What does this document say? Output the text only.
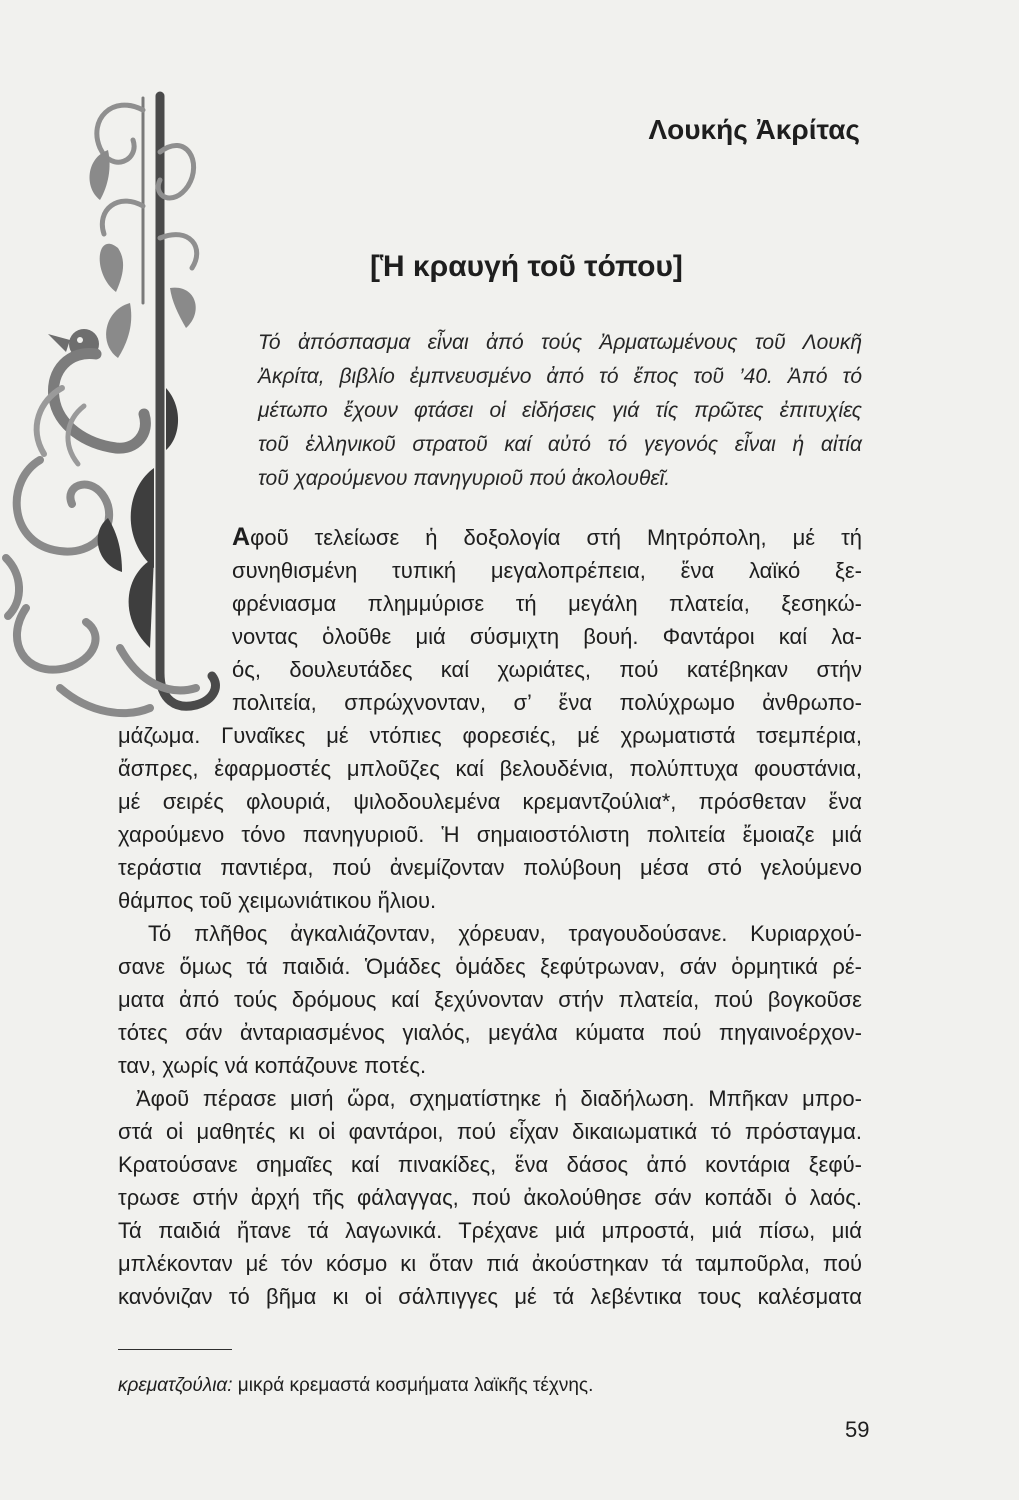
Λουκής Ἀκρίτας
[Ἡ κραυγή τοῦ τόπου]
Τό ἀπόσπασμα εἶναι ἀπό τούς Ἀρματωμένους τοῦ Λουκῆ
Ἀκρίτα, βιβλίο ἐμπνευσμένο ἀπό τό ἔπος τοῦ ’40. Ἀπό τό
μέτωπο ἔχουν φτάσει οἱ εἰδήσεις γιά τίς πρῶτες ἐπιτυχίες
τοῦ ἑλληνικοῦ στρατοῦ καί αὐτό τό γεγονός εἶναι ἡ αἰτία
τοῦ χαρούμενου πανηγυριοῦ πού ἀκολουθεῖ.
Αφοῦ τελείωσε ἡ δοξολογία στή Μητρόπολη, μέ τή
συνηθισμένη τυπική μεγαλοπρέπεια, ἕνα λαϊκό ξε-
φρένιασμα πλημμύρισε τή μεγάλη πλατεία, ξεσηκώ-
νοντας ὁλοῦθε μιά σύσμιχτη βουή. Φαντάροι καί λα-
ός, δουλευτάδες καί χωριάτες, πού κατέβηκαν στήν
πολιτεία, σπρώχνονταν, σ’ ἕνα πολύχρωμο ἀνθρωπο-
μάζωμα. Γυναῖκες μέ ντόπιες φορεσιές, μέ χρωματιστά τσεμπέρια,
ἄσπρες, ἐφαρμοστές μπλοῦζες καί βελουδένια, πολύπτυχα φουστάνια,
μέ σειρές φλουριά, ψιλοδουλεμένα κρεμαντζούλια*, πρόσθεταν ἕνα
χαρούμενο τόνο πανηγυριοῦ. Ἡ σημαιοστόλιστη πολιτεία ἔμοιαζε μιά
τεράστια παντιέρα, πού ἀνεμίζονταν πολύβουη μέσα στό γελούμενο
θάμπος τοῦ χειμωνιάτικου ἥλιου.
Τό πλῆθος ἀγκαλιάζονταν, χόρευαν, τραγουδούσανε. Κυριαρχού-
σανε ὅμως τά παιδιά. Ὁμάδες ὁμάδες ξεφύτρωναν, σάν ὁρμητικά ρέ-
ματα ἀπό τούς δρόμους καί ξεχύνονταν στήν πλατεία, πού βογκοῦσε
τότες σάν ἀνταριασμένος γιαλός, μεγάλα κύματα πού πηγαινοέρχον-
ταν, χωρίς νά κοπάζουνε ποτές.
Ἀφοῦ πέρασε μισή ὥρα, σχηματίστηκε ἡ διαδήλωση. Μπῆκαν μπρο-
στά οἱ μαθητές κι οἱ φαντάροι, πού εἶχαν δικαιωματικά τό πρόσταγμα.
Κρατούσανε σημαῖες καί πινακίδες, ἕνα δάσος ἀπό κοντάρια ξεφύ-
τρωσε στήν ἀρχή τῆς φάλαγγας, πού ἀκολούθησε σάν κοπάδι ὁ λαός.
Τά παιδιά ἤτανε τά λαγωνικά. Τρέχανε μιά μπροστά, μιά πίσω, μιά
μπλέκονταν μέ τόν κόσμο κι ὅταν πιά ἀκούστηκαν τά ταμποῦρλα, πού
κανόνιζαν τό βῆμα κι οἱ σάλπιγγες μέ τά λεβέντικα τους καλέσματα
κρεματζούλια: μικρά κρεμαστά κοσμήματα λαϊκῆς τέχνης.
59
